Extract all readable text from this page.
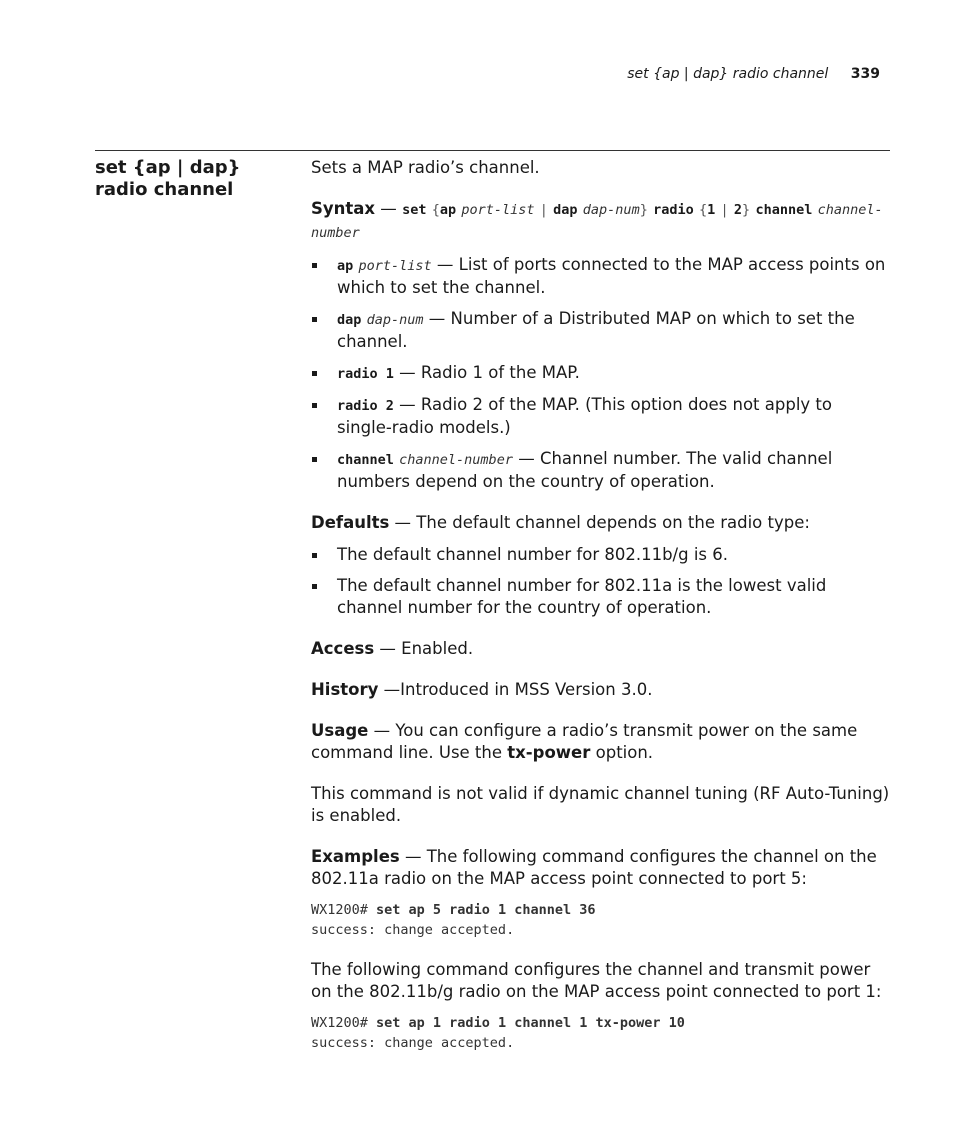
set {ap | dap} radio channel 339
set {ap | dap} radio channel

Sets a MAP radio’s channel.

Syntax — set {ap port-list | dap dap-num} radio {1 | 2} channel channel-number

ap port-list — List of ports connected to the MAP access points on which to set the channel.
dap dap-num — Number of a Distributed MAP on which to set the channel.
radio 1 — Radio 1 of the MAP.
radio 2 — Radio 2 of the MAP. (This option does not apply to single-radio models.)
channel channel-number — Channel number. The valid channel numbers depend on the country of operation.

Defaults — The default channel depends on the radio type:

The default channel number for 802.11b/g is 6.
The default channel number for 802.11a is the lowest valid channel number for the country of operation.

Access — Enabled.

History —Introduced in MSS Version 3.0.

Usage — You can configure a radio’s transmit power on the same command line. Use the tx-power option.

This command is not valid if dynamic channel tuning (RF Auto-Tuning) is enabled.

Examples — The following command configures the channel on the 802.11a radio on the MAP access point connected to port 5:

WX1200# set ap 5 radio 1 channel 36
success: change accepted.

The following command configures the channel and transmit power on the 802.11b/g radio on the MAP access point connected to port 1:

WX1200# set ap 1 radio 1 channel 1 tx-power 10
success: change accepted.
